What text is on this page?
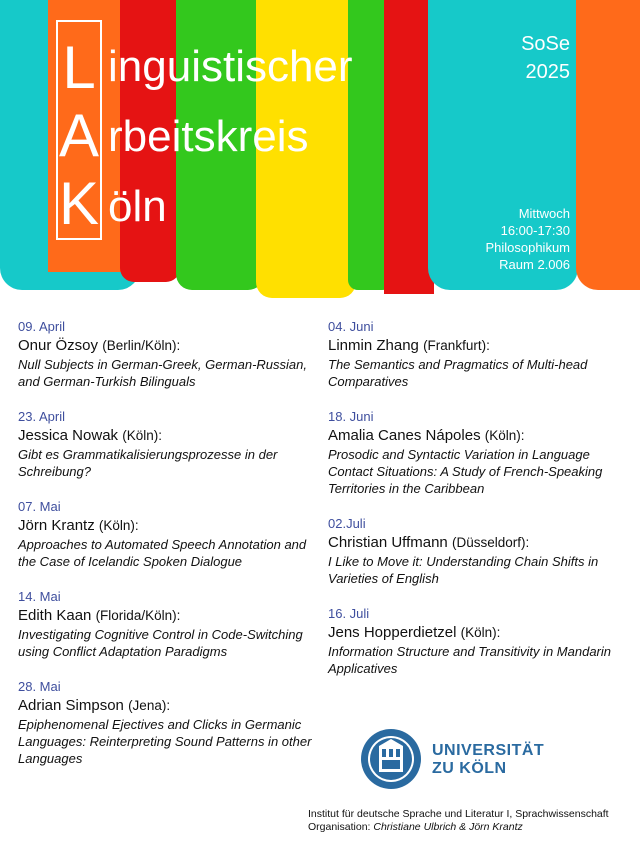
L
A
K
inguistischer
rbeitskreis
öln
SoSe
2025
Mittwoch
16:00-17:30
Philosophikum
Raum 2.006
09. April
Onur Özsoy (Berlin/Köln):
Null Subjects in German-Greek, German-Russian, and German-Turkish Bilinguals
23. April
Jessica Nowak (Köln):
Gibt es Grammatikalisierungsprozesse in der Schreibung?
07. Mai
Jörn Krantz (Köln):
Approaches to Automated Speech Annotation and the Case of Icelandic Spoken Dialogue
14. Mai
Edith Kaan (Florida/Köln):
Investigating Cognitive Control in Code-Switching using Conflict Adaptation Paradigms
28. Mai
Adrian Simpson (Jena):
Epiphenomenal Ejectives and Clicks in Germanic Languages: Reinterpreting Sound Patterns in other Languages
04. Juni
Linmin Zhang (Frankfurt):
The Semantics and Pragmatics of Multi-head Comparatives
18. Juni
Amalia Canes Nápoles (Köln):
Prosodic and Syntactic Variation in Language Contact Situations: A Study of French-Speaking Territories in the Caribbean
02.Juli
Christian Uffmann (Düsseldorf):
I Like to Move it: Understanding Chain Shifts in Varieties of English
16. Juli
Jens Hopperdietzel (Köln):
Information Structure and Transitivity in Mandarin Applicatives
UNIVERSITÄT
ZU KÖLN
Institut für deutsche Sprache und Literatur I, Sprachwissenschaft
Organisation: Christiane Ulbrich & Jörn Krantz
